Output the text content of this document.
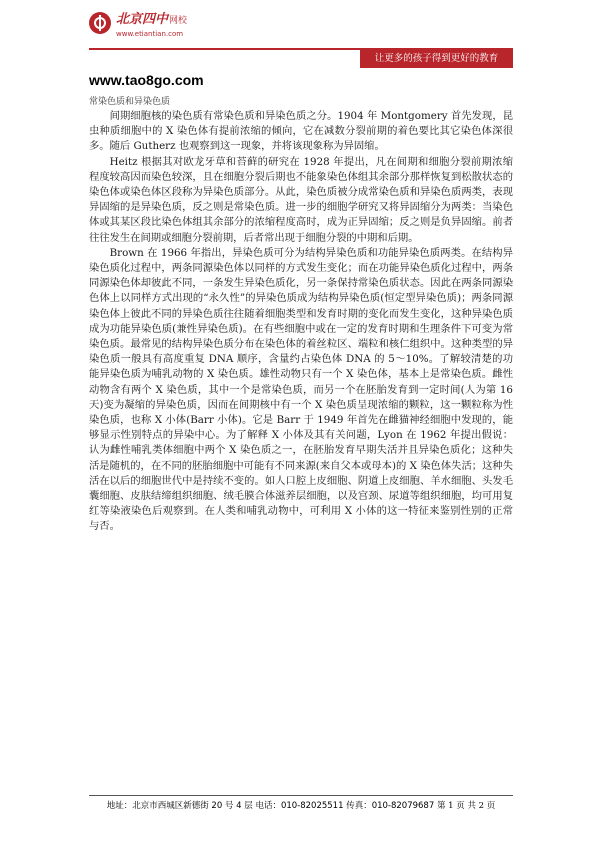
北京四中网校
www.etiantian.com
让更多的孩子得到更好的教育
www.tao8go.com
常染色质和异染色质

间期细胞核的染色质有常染色质和异染色质之分。1904 年 Montgomery 首先发现，昆虫种质细胞中的 X 染色体有提前浓缩的倾向，它在减数分裂前期的着色要比其它染色体深很多。随后 Gutherz 也观察到这一现象，并将该现象称为异固缩。

Heitz 根据其对欧龙牙草和苔藓的研究在 1928 年提出，凡在间期和细胞分裂前期浓缩程度较高因而染色较深，且在细胞分裂后期也不能象染色体组其余部分那样恢复到松散状态的染色体或染色体区段称为异染色质部分。从此，染色质被分成常染色质和异染色质两类，表现异固缩的是异染色质，反之则是常染色质。进一步的细胞学研究又将异固缩分为两类：当染色体或其某区段比染色体组其余部分的浓缩程度高时，成为正异固缩；反之则是负异固缩。前者往往发生在间期或细胞分裂前期，后者常出现于细胞分裂的中期和后期。

Brown 在 1966 年指出，异染色质可分为结构异染色质和功能异染色质两类。在结构异染色质化过程中，两条同源染色体以同样的方式发生变化；而在功能异染色质化过程中，两条同源染色体却彼此不同，一条发生异染色质化，另一条保持常染色质状态。因此在两条同源染色体上以同样方式出现的“永久性”的异染色质成为结构异染色质(恒定型异染色质)；两条同源染色体上彼此不同的异染色质往往随着细胞类型和发育时期的变化而发生变化，这种异染色质成为功能异染色质(兼性异染色质)。在有些细胞中或在一定的发育时期和生理条件下可变为常染色质。最常见的结构异染色质分布在染色体的着丝粒区、端粒和核仁组织中。这种类型的异染色质一般具有高度重复 DNA 顺序，含量约占染色体 DNA 的 5～10%。了解较清楚的功能异染色质为哺乳动物的 X 染色质。雄性动物只有一个 X 染色体，基本上是常染色质。雌性动物含有两个 X 染色质，其中一个是常染色质，而另一个在胚胎发育到一定时间(人为第 16 天)变为凝缩的异染色质，因而在间期核中有一个 X 染色质呈现浓缩的颗粒，这一颗粒称为性染色质，也称 X 小体(Barr 小体)。它是 Barr 于 1949 年首先在雌猫神经细胞中发现的，能够显示性别特点的异染中心。为了解释 X 小体及其有关问题，Lyon 在 1962 年提出假说：认为雌性哺乳类体细胞中两个 X 染色质之一，在胚胎发育早期失活并且异染色质化；这种失活是随机的，在不同的胚胎细胞中可能有不同来源(来自父本或母本)的 X 染色体失活；这种失活在以后的细胞世代中是持续不变的。如人口腔上皮细胞、阴道上皮细胞、羊水细胞、头发毛囊细胞、皮肤结缔组织细胞、绒毛膜合体滋养层细胞，以及宫颈、尿道等组织细胞，均可用复红等染液染色后观察到。在人类和哺乳动物中，可利用 X 小体的这一特征来鉴别性别的正常与否。

地址：北京市西城区新德街 20 号 4 层 电话：010-82025511 传真：010-82079687 第 1 页 共 2 页
